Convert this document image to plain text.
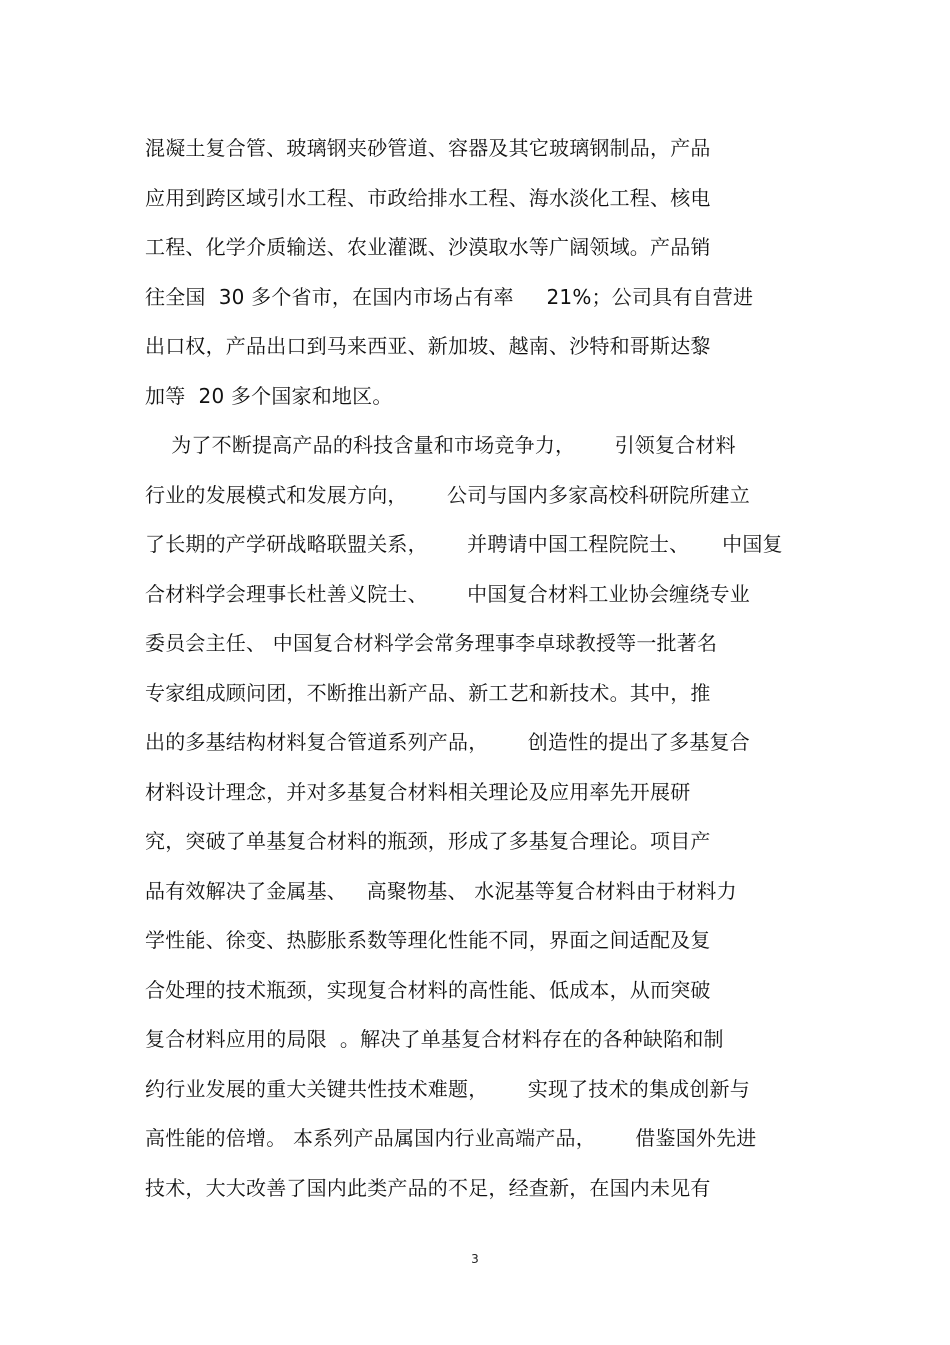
混凝土复合管、玻璃钢夹砂管道、容器及其它玻璃钢制品，产品
应用到跨区域引水工程、市政给排水工程、海水淡化工程、核电
工程、化学介质输送、农业灌溉、沙漠取水等广阔领域。产品销
往全国  30 多个省市，在国内市场占有率     21%；公司具有自营进
出口权，产品出口到马来西亚、新加坡、越南、沙特和哥斯达黎
加等  20 多个国家和地区。
为了不断提高产品的科技含量和市场竞争力，      引领复合材料
行业的发展模式和发展方向，      公司与国内多家高校科研院所建立
了长期的产学研战略联盟关系，      并聘请中国工程院院士、     中国复
合材料学会理事长杜善义院士、      中国复合材料工业协会缠绕专业
委员会主任、 中国复合材料学会常务理事李卓球教授等一批著名
专家组成顾问团，不断推出新产品、新工艺和新技术。其中，推
出的多基结构材料复合管道系列产品，      创造性的提出了多基复合
材料设计理念，并对多基复合材料相关理论及应用率先开展研
究，突破了单基复合材料的瓶颈，形成了多基复合理论。项目产
品有效解决了金属基、   高聚物基、 水泥基等复合材料由于材料力
学性能、徐变、热膨胀系数等理化性能不同，界面之间适配及复
合处理的技术瓶颈，实现复合材料的高性能、低成本，从而突破
复合材料应用的局限  。解决了单基复合材料存在的各种缺陷和制
约行业发展的重大关键共性技术难题，      实现了技术的集成创新与
高性能的倍增。 本系列产品属国内行业高端产品，      借鉴国外先进
技术，大大改善了国内此类产品的不足，经查新，在国内未见有
3
